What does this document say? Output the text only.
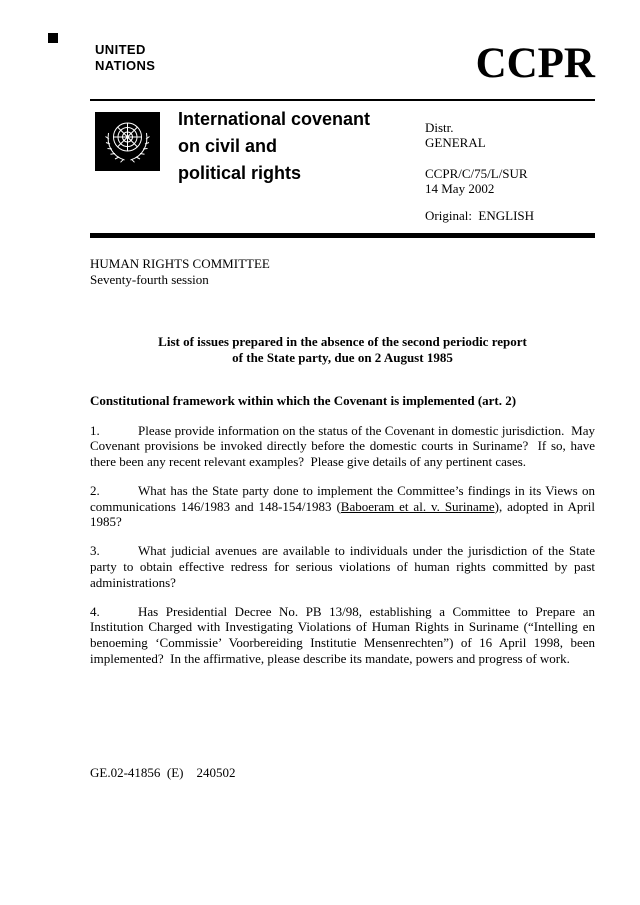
UNITED
NATIONS	CCPR
International covenant
on civil and
political rights
Distr.
GENERAL
CCPR/C/75/L/SUR
14 May 2002
Original:  ENGLISH
HUMAN RIGHTS COMMITTEE
Seventy-fourth session
List of issues prepared in the absence of the second periodic report
of the State party, due on 2 August 1985
Constitutional framework within which the Covenant is implemented (art. 2)

1.	Please provide information on the status of the Covenant in domestic jurisdiction.  May Covenant provisions be invoked directly before the domestic courts in Suriname?  If so, have there been any recent relevant examples?  Please give details of any pertinent cases.

2.	What has the State party done to implement the Committee’s findings in its Views on communications 146/1983 and 148-154/1983 (Baboeram et al. v. Suriname), adopted in April 1985?

3.	What judicial avenues are available to individuals under the jurisdiction of the State party to obtain effective redress for serious violations of human rights committed by past administrations?

4.	Has Presidential Decree No. PB 13/98, establishing a Committee to Prepare an Institution Charged with Investigating Violations of Human Rights in Suriname (“Intelling en benoeming ‘Commissie’ Voorbereiding Institutie Mensenrechten”) of 16 April 1998, been implemented?  In the affirmative, please describe its mandate, powers and progress of work.

GE.02-41856  (E)    240502
